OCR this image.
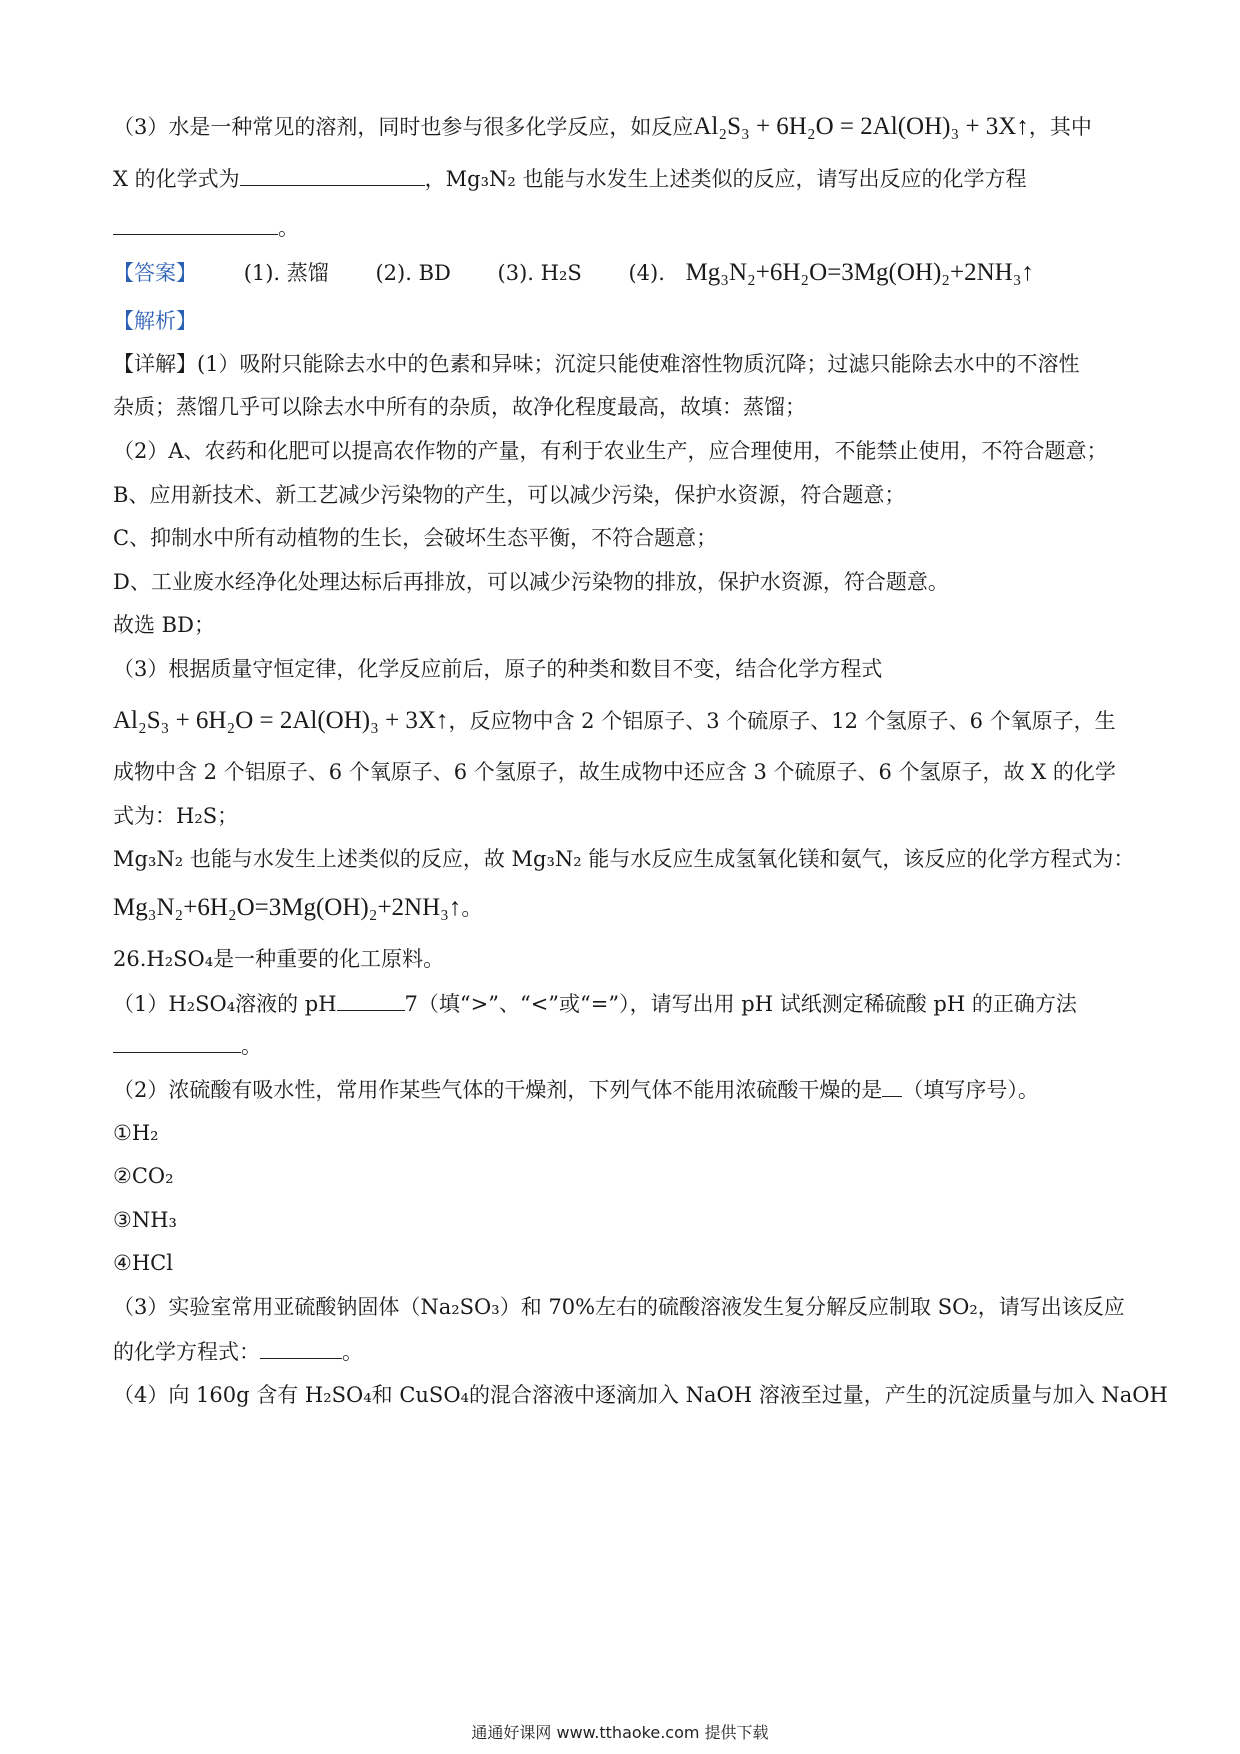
（3）水是一种常见的溶剂，同时也参与很多化学反应，如反应Al₂S₃ + 6H₂O = 2Al(OH)₃ + 3X↑，其中
X 的化学式为	，Mg₃N₂ 也能与水发生上述类似的反应，请写出反应的化学方程
。
【答案】 (1). 蒸馏 (2). BD (3). H₂S (4). Mg₃N₂+6H₂O=3Mg(OH)₂+2NH₃↑
【解析】
【详解】(1）吸附只能除去水中的色素和异味；沉淀只能使难溶性物质沉降；过滤只能除去水中的不溶性
杂质；蒸馏几乎可以除去水中所有的杂质，故净化程度最高，故填：蒸馏；
（2）A、农药和化肥可以提高农作物的产量，有利于农业生产，应合理使用，不能禁止使用，不符合题意；
B、应用新技术、新工艺减少污染物的产生，可以减少污染，保护水资源，符合题意；
C、抑制水中所有动植物的生长，会破坏生态平衡，不符合题意；
D、工业废水经净化处理达标后再排放，可以减少污染物的排放，保护水资源，符合题意。
故选 BD；
（3）根据质量守恒定律，化学反应前后，原子的种类和数目不变，结合化学方程式
Al₂S₃ + 6H₂O = 2Al(OH)₃ + 3X↑，反应物中含 2 个铝原子、3 个硫原子、12 个氢原子、6 个氧原子，生
成物中含 2 个铝原子、6 个氧原子、6 个氢原子，故生成物中还应含 3 个硫原子、6 个氢原子，故 X 的化学
式为：H₂S；
Mg₃N₂ 也能与水发生上述类似的反应，故 Mg₃N₂ 能与水反应生成氢氧化镁和氨气，该反应的化学方程式为：
Mg₃N₂+6H₂O=3Mg(OH)₂+2NH₃↑。
26.H₂SO₄是一种重要的化工原料。
（1）H₂SO₄溶液的 pH	7（填“>”、“<”或“=”），请写出用 pH 试纸测定稀硫酸 pH 的正确方法
。
（2）浓硫酸有吸水性，常用作某些气体的干燥剂，下列气体不能用浓硫酸干燥的是 （填写序号）。
①H₂
②CO₂
③NH₃
④HCl
（3）实验室常用亚硫酸钠固体（Na₂SO₃）和 70%左右的硫酸溶液发生复分解反应制取 SO₂，请写出该反应
的化学方程式：	。
（4）向 160g 含有 H₂SO₄和 CuSO₄的混合溶液中逐滴加入 NaOH 溶液至过量，产生的沉淀质量与加入 NaOH
通通好课网 www.tthaoke.com 提供下载
